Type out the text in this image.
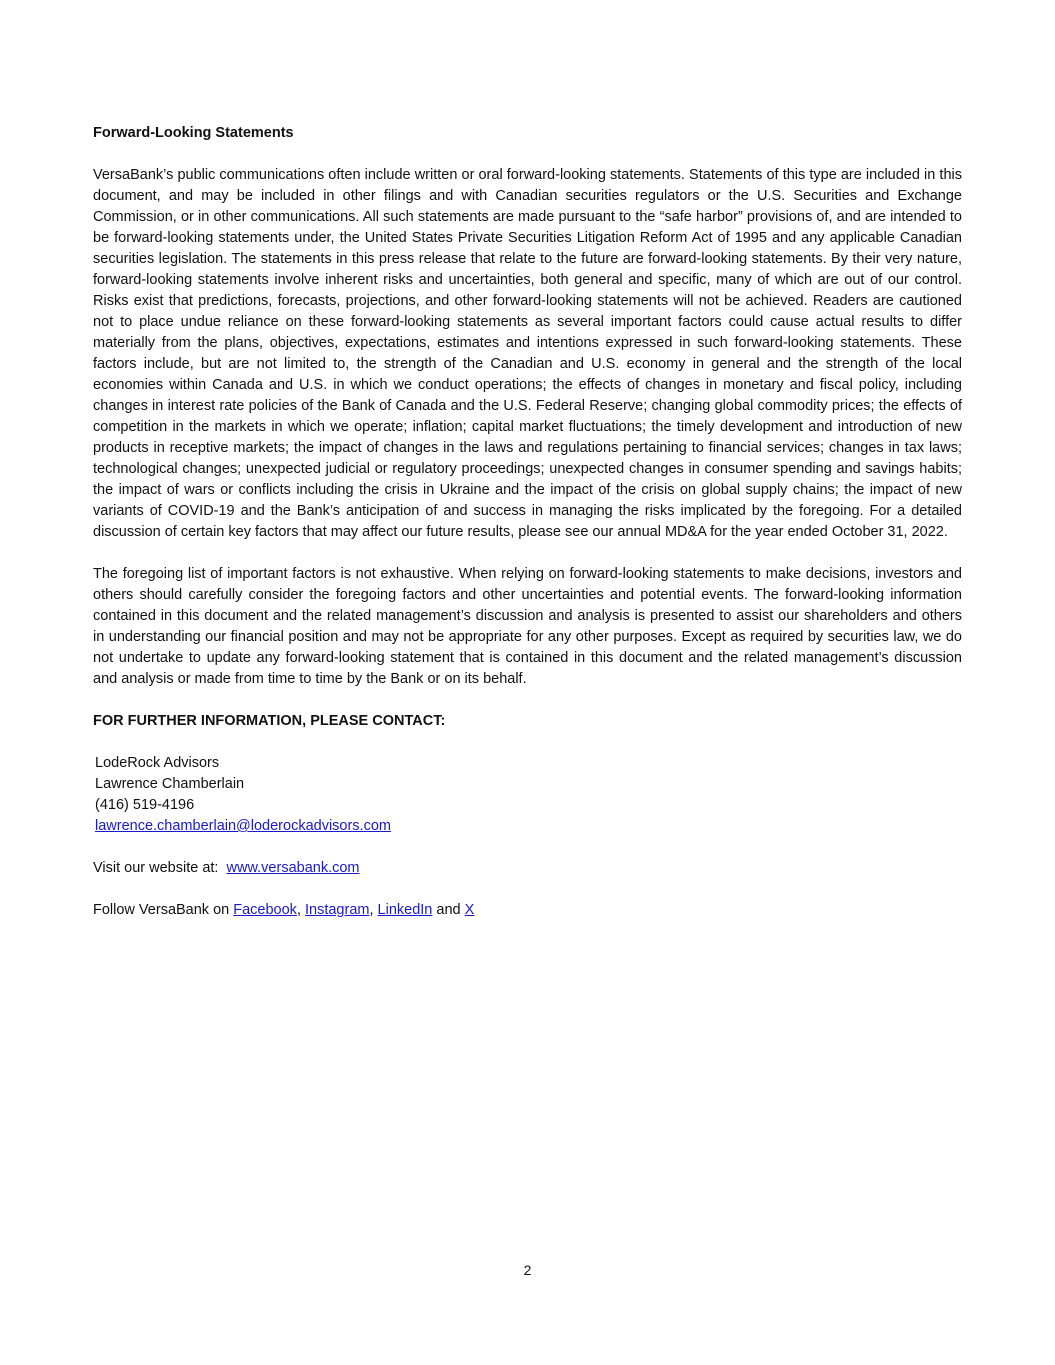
Forward-Looking Statements

VersaBank’s public communications often include written or oral forward-looking statements. Statements of this type are included in this document, and may be included in other filings and with Canadian securities regulators or the U.S. Securities and Exchange Commission, or in other communications. All such statements are made pursuant to the “safe harbor” provisions of, and are intended to be forward-looking statements under, the United States Private Securities Litigation Reform Act of 1995 and any applicable Canadian securities legislation. The statements in this press release that relate to the future are forward-looking statements. By their very nature, forward-looking statements involve inherent risks and uncertainties, both general and specific, many of which are out of our control. Risks exist that predictions, forecasts, projections, and other forward-looking statements will not be achieved. Readers are cautioned not to place undue reliance on these forward-looking statements as several important factors could cause actual results to differ materially from the plans, objectives, expectations, estimates and intentions expressed in such forward-looking statements. These factors include, but are not limited to, the strength of the Canadian and U.S. economy in general and the strength of the local economies within Canada and U.S. in which we conduct operations; the effects of changes in monetary and fiscal policy, including changes in interest rate policies of the Bank of Canada and the U.S. Federal Reserve; changing global commodity prices; the effects of competition in the markets in which we operate; inflation; capital market fluctuations; the timely development and introduction of new products in receptive markets; the impact of changes in the laws and regulations pertaining to financial services; changes in tax laws; technological changes; unexpected judicial or regulatory proceedings; unexpected changes in consumer spending and savings habits; the impact of wars or conflicts including the crisis in Ukraine and the impact of the crisis on global supply chains; the impact of new variants of COVID-19 and the Bank’s anticipation of and success in managing the risks implicated by the foregoing. For a detailed discussion of certain key factors that may affect our future results, please see our annual MD&A for the year ended October 31, 2022.

The foregoing list of important factors is not exhaustive. When relying on forward-looking statements to make decisions, investors and others should carefully consider the foregoing factors and other uncertainties and potential events. The forward-looking information contained in this document and the related management’s discussion and analysis is presented to assist our shareholders and others in understanding our financial position and may not be appropriate for any other purposes. Except as required by securities law, we do not undertake to update any forward-looking statement that is contained in this document and the related management’s discussion and analysis or made from time to time by the Bank or on its behalf.

FOR FURTHER INFORMATION, PLEASE CONTACT:

LodeRock Advisors
Lawrence Chamberlain
(416) 519-4196
lawrence.chamberlain@loderockadvisors.com

Visit our website at: www.versabank.com

Follow VersaBank on Facebook, Instagram, LinkedIn and X

2
